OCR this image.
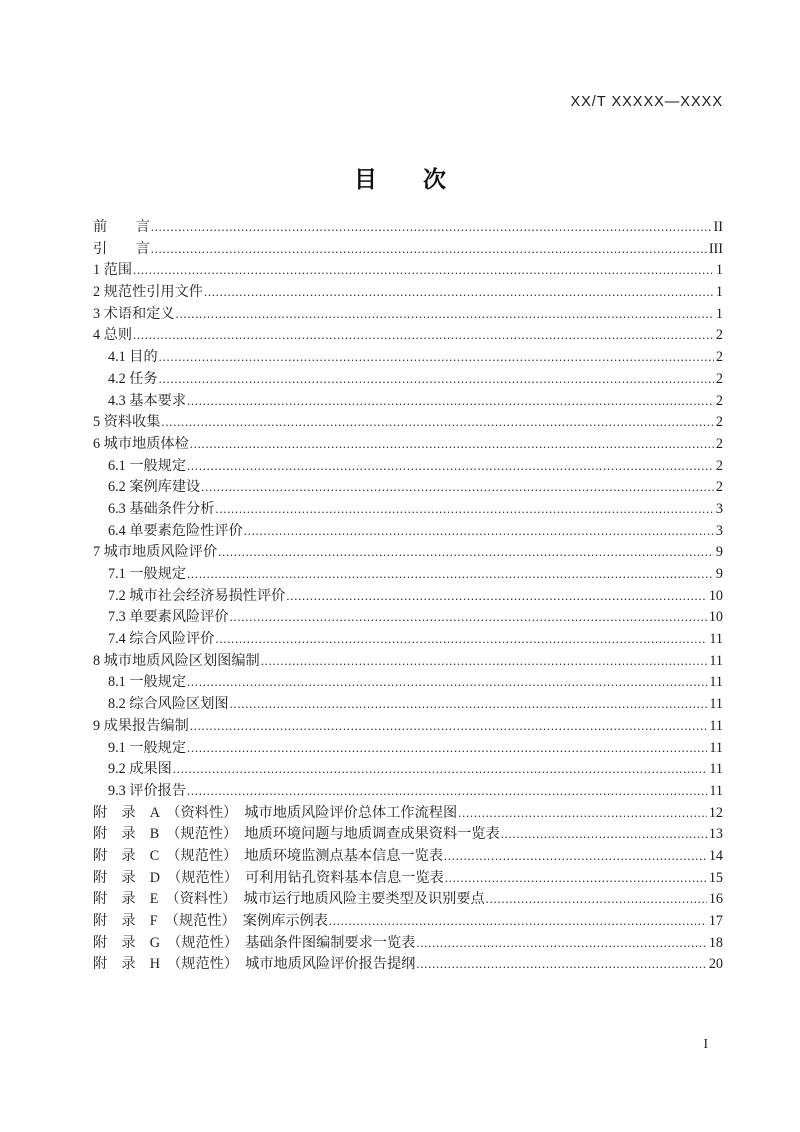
XX/T XXXXX—XXXX
目　　次
前　　言 .....	II
引　　言 .....	III
1 范围 .....	1
2 规范性引用文件 .....	1
3 术语和定义 .....	1
4 总则 .....	2
4.1 目的 .....	2
4.2 任务 .....	2
4.3 基本要求 .....	2
5 资料收集 .....	2
6 城市地质体检 .....	2
6.1 一般规定 .....	2
6.2 案例库建设 .....	2
6.3 基础条件分析 .....	3
6.4 单要素危险性评价 .....	3
7 城市地质风险评价 .....	9
7.1 一般规定 .....	9
7.2 城市社会经济易损性评价 .....	10
7.3 单要素风险评价 .....	10
7.4 综合风险评价 .....	11
8 城市地质风险区划图编制 .....	11
8.1 一般规定 .....	11
8.2 综合风险区划图 .....	11
9 成果报告编制 .....	11
9.1 一般规定 .....	11
9.2 成果图 .....	11
9.3 评价报告 .....	11
附　录　A　（资料性）　城市地质风险评价总体工作流程图 .....	12
附　录　B　（规范性）　地质环境问题与地质调查成果资料一览表 .....	13
附　录　C　（规范性）　地质环境监测点基本信息一览表 .....	14
附　录　D　（规范性）　可利用钻孔资料基本信息一览表 .....	15
附　录　E　（资料性）　城市运行地质风险主要类型及识别要点 .....	16
附　录　F　（规范性）　案例库示例表 .....	17
附　录　G　（规范性）　基础条件图编制要求一览表 .....	18
附　录　H　（规范性）　城市地质风险评价报告提纲 .....	20
I
